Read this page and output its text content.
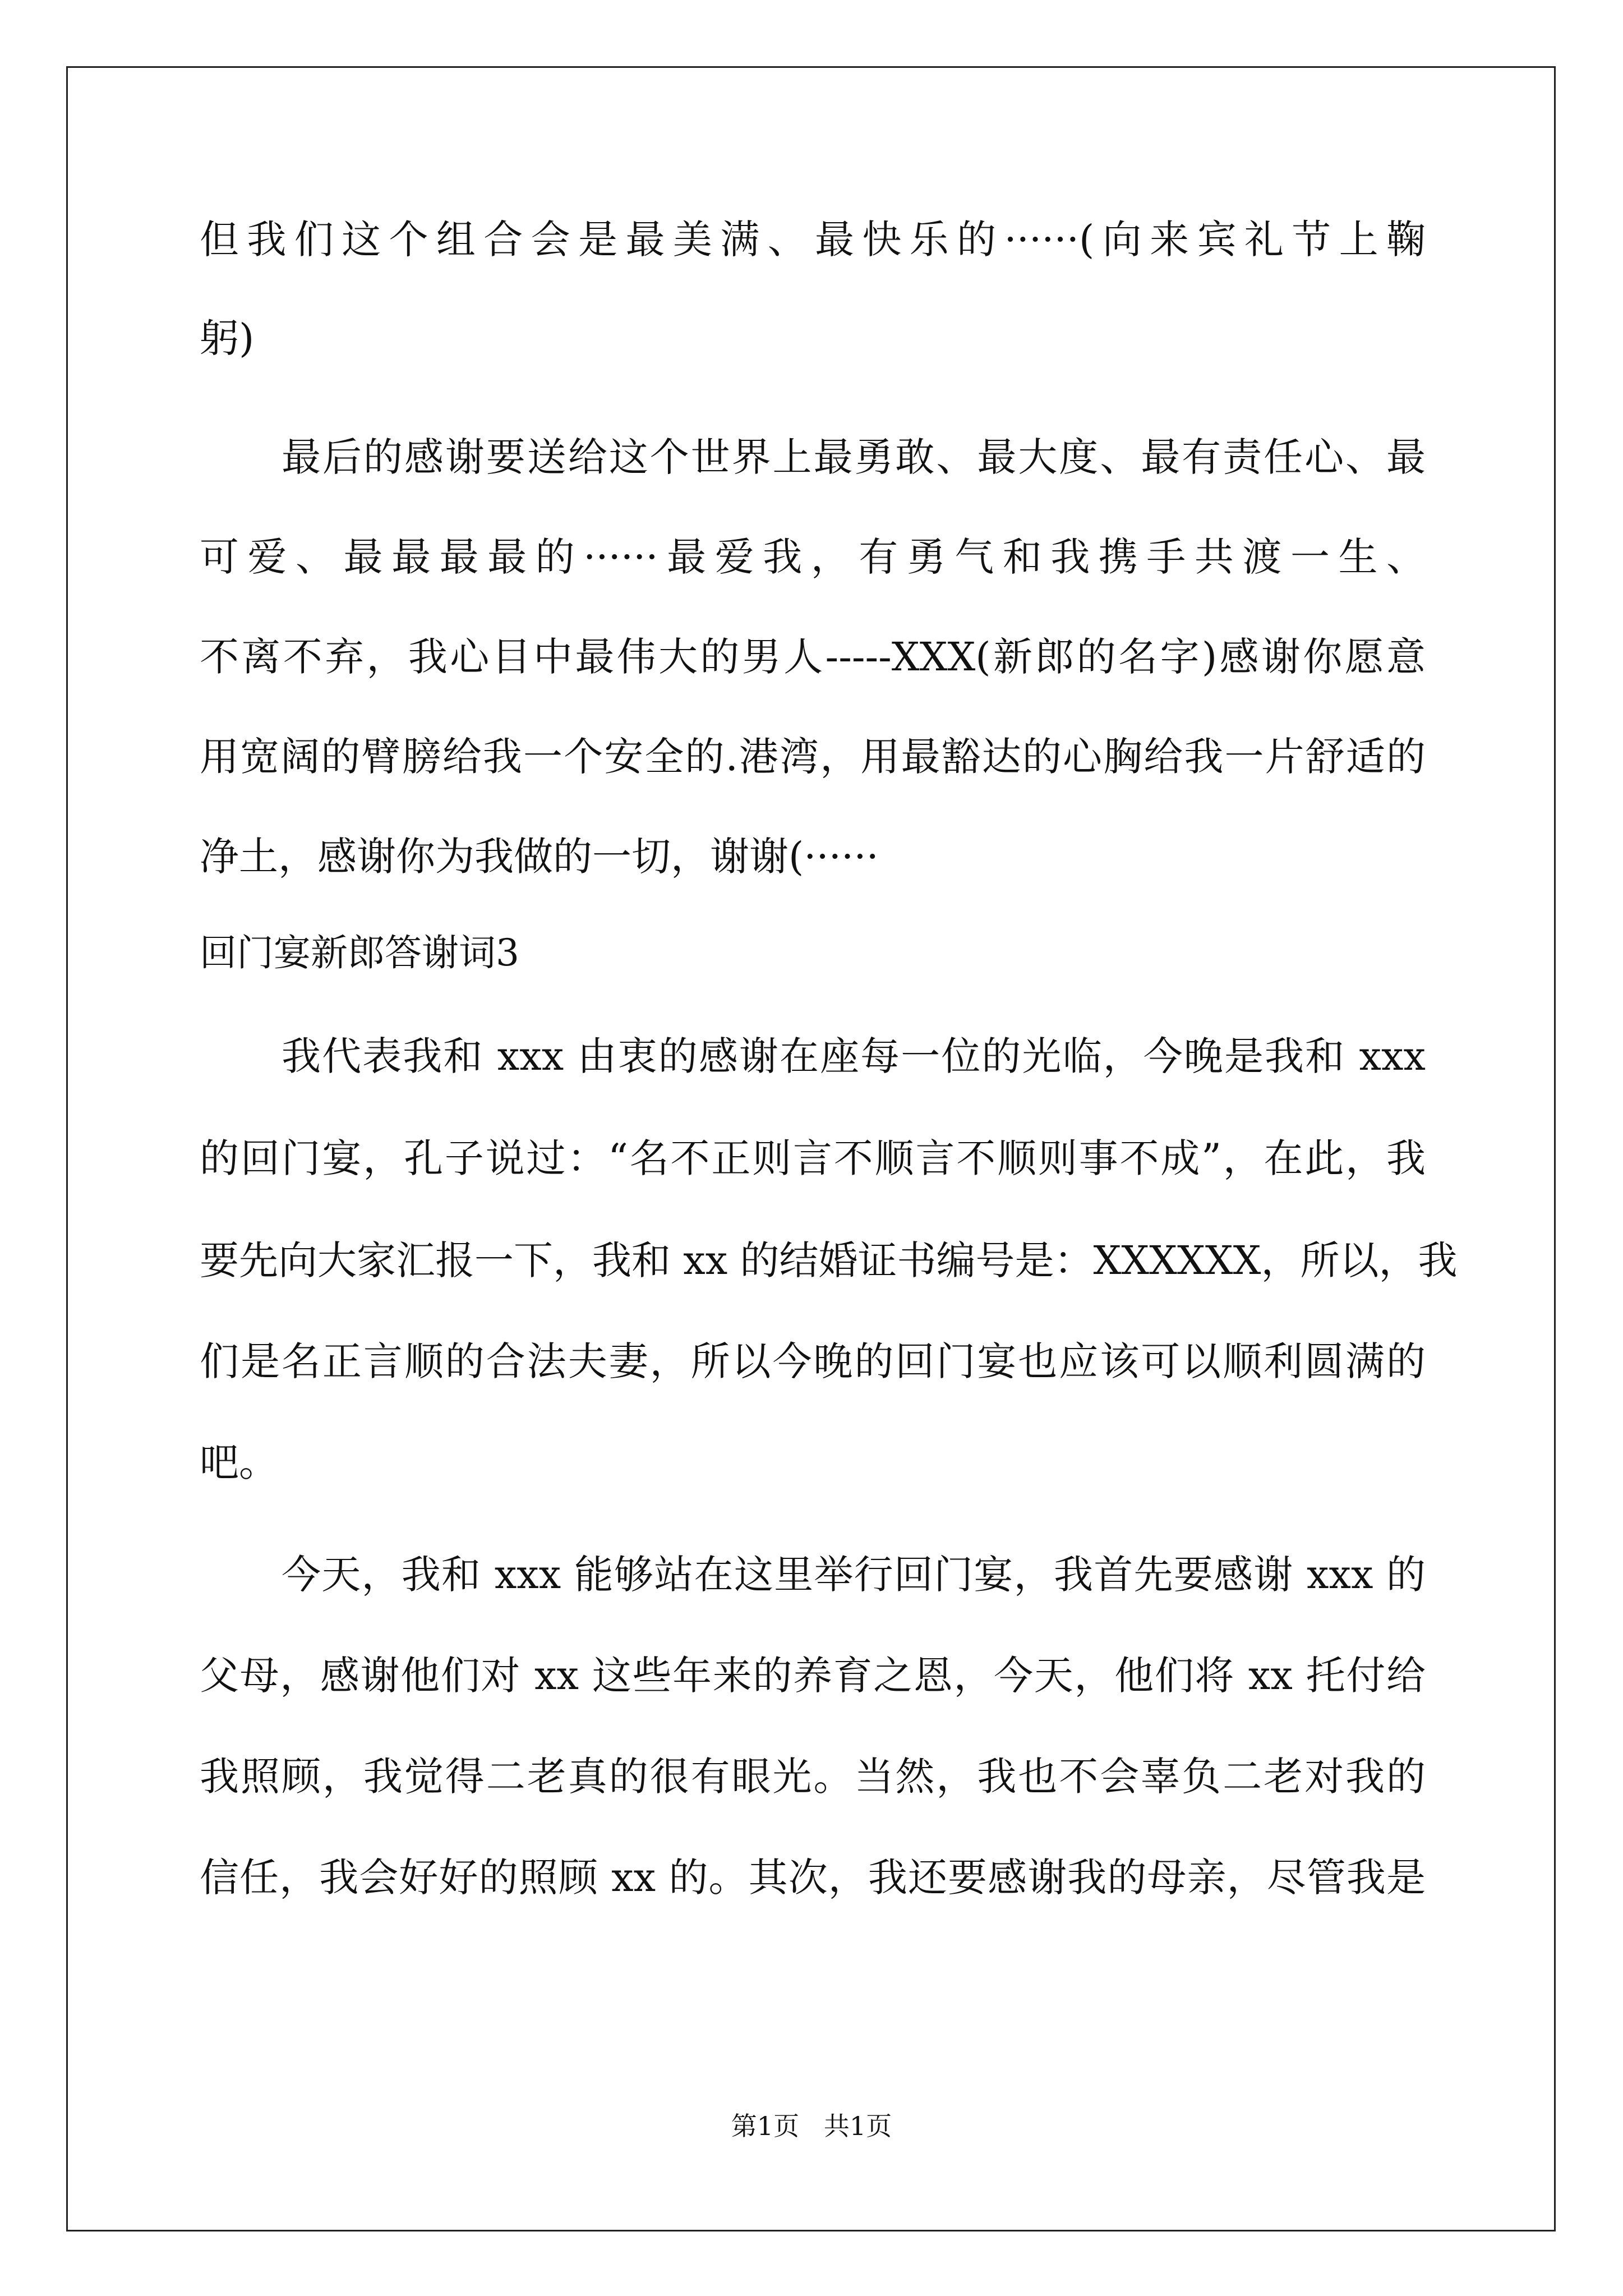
但我们这个组合会是最美满、最快乐的······(向来宾礼节上鞠
躬)
最后的感谢要送给这个世界上最勇敢、最大度、最有责任心、最
可爱、最最最最的······最爱我，有勇气和我携手共渡一生、
不离不弃，我心目中最伟大的男人-----XXX(新郎的名字)感谢你愿意
用宽阔的臂膀给我一个安全的.港湾，用最豁达的心胸给我一片舒适的
净土，感谢你为我做的一切，谢谢(······
回门宴新郎答谢词3
我代表我和 xxx 由衷的感谢在座每一位的光临，今晚是我和 xxx
的回门宴，孔子说过：“名不正则言不顺言不顺则事不成”，在此，我
要先向大家汇报一下，我和 xx 的结婚证书编号是：XXXXXX，所以，我
们是名正言顺的合法夫妻，所以今晚的回门宴也应该可以顺利圆满的
吧。
今天，我和 xxx 能够站在这里举行回门宴，我首先要感谢 xxx 的
父母，感谢他们对 xx 这些年来的养育之恩，今天，他们将 xx 托付给
我照顾，我觉得二老真的很有眼光。当然，我也不会辜负二老对我的
信任，我会好好的照顾 xx 的。其次，我还要感谢我的母亲，尽管我是
第1页   共1页
